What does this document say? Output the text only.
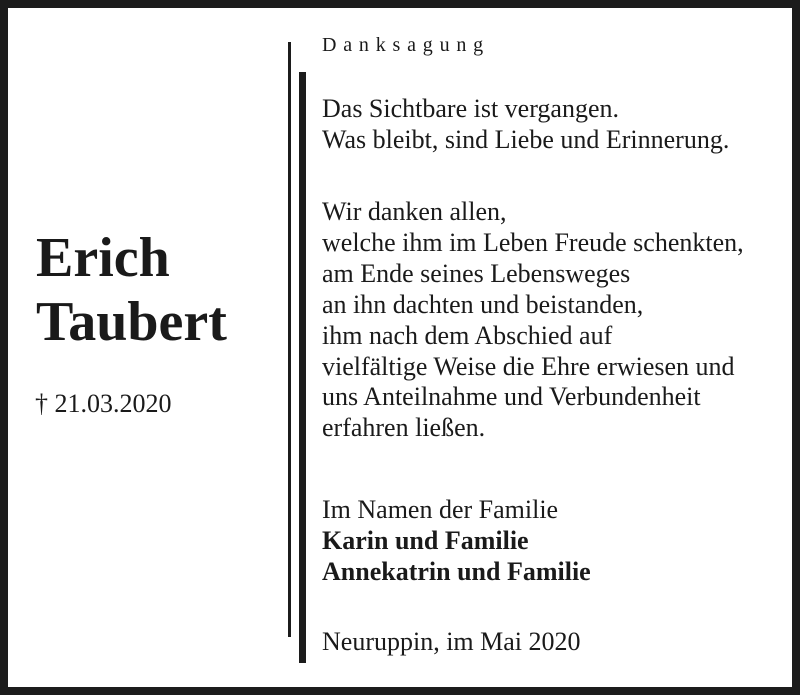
Erich
Taubert
† 21.03.2020
Danksagung
Das Sichtbare ist vergangen.
Was bleibt, sind Liebe und Erinnerung.
Wir danken allen,
welche ihm im Leben Freude schenkten,
am Ende seines Lebensweges
an ihn dachten und beistanden,
ihm nach dem Abschied auf
vielfältige Weise die Ehre erwiesen und
uns Anteilnahme und Verbundenheit
erfahren ließen.
Im Namen der Familie
Karin und Familie
Annekatrin und Familie
Neuruppin, im Mai 2020
